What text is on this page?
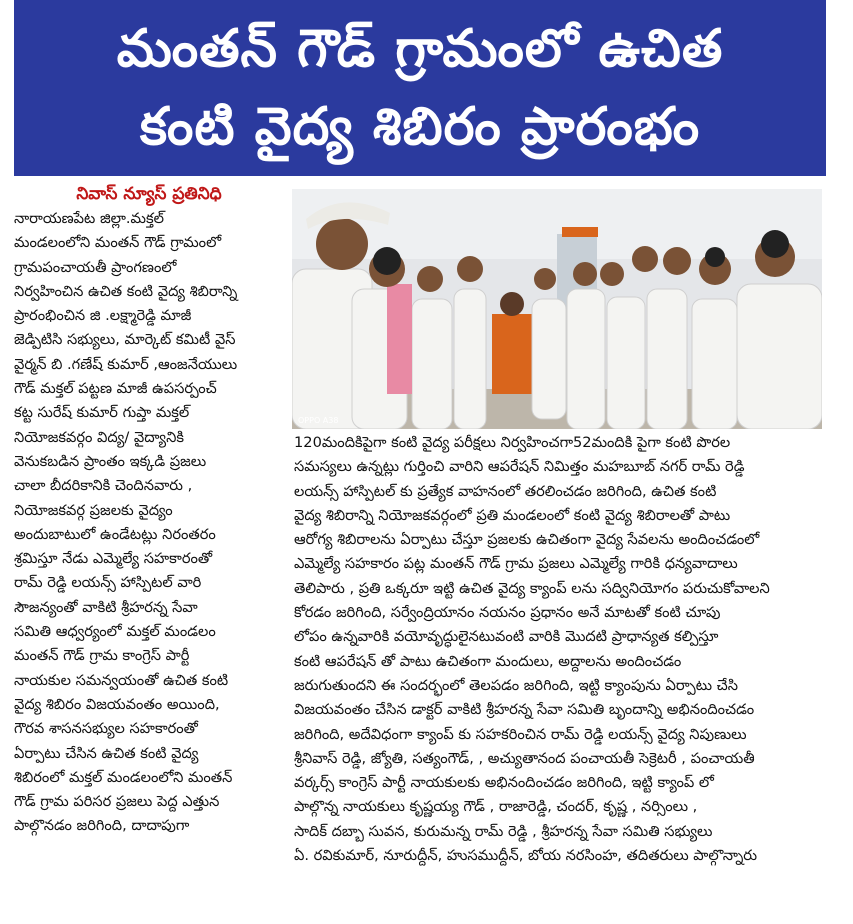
మంతన్ గౌడ్ గ్రామంలో ఉచిత
కంటి వైద్య శిబిరం ప్రారంభం
నివాస్ న్యూస్ ప్రతినిధి
నారాయణపేట జిల్లా.మక్తల్
మండలంలోని మంతన్ గౌడ్ గ్రామంలో
గ్రామపంచాయతీ ప్రాంగణంలో
నిర్వహించిన ఉచిత కంటి వైద్య శిబిరాన్ని
ప్రారంభించిన జి .లక్ష్మారెడ్డి మాజీ
జెడ్పిటిసి సభ్యులు, మార్కెట్ కమిటీ వైస్
వైర్మన్ బి .గణేష్ కుమార్ ,ఆంజనేయులు
గౌడ్ మక్తల్ పట్టణ మాజీ ఉపసర్పంచ్
కట్ట సురేష్ కుమార్ గుప్తా మక్తల్
నియోజకవర్గం విద్య/ వైద్యానికి
వెనుకబడిన ప్రాంతం ఇక్కడి ప్రజలు
చాలా బీదరికానికి చెందినవారు ,
నియోజకవర్గ ప్రజలకు వైద్యం
అందుబాటులో ఉండేటట్లు నిరంతరం
శ్రమిస్తూ నేడు ఎమ్మెల్యే సహకారంతో
రామ్ రెడ్డి లయన్స్ హాస్పిటల్ వారి
సౌజన్యంతో వాకిటి శ్రీహరన్న సేవా
సమితి ఆధ్వర్యంలో మక్తల్ మండలం
మంతన్ గౌడ్ గ్రామ కాంగ్రెస్ పార్టీ
నాయకుల సమన్వయంతో ఉచిత కంటి
వైద్య శిబిరం విజయవంతం అయింది,
గౌరవ శాసనసభ్యుల సహకారంతో
ఏర్పాటు చేసిన ఉచిత కంటి వైద్య
శిబిరంలో మక్తల్ మండలంలోని మంతన్
గౌడ్ గ్రామ పరిసర ప్రజలు పెద్ద ఎత్తున
పాల్గొనడం జరిగింది, దాదాపుగా
OPPO A38
120మందికిపైగా కంటి వైద్య పరీక్షలు నిర్వహించగా52మందికి పైగా కంటి పొరల
సమస్యలు ఉన్నట్లు గుర్తించి వారిని ఆపరేషన్ నిమిత్తం మహబూబ్ నగర్ రామ్ రెడ్డి
లయన్స్ హాస్పిటల్ కు ప్రత్యేక వాహనంలో తరలించడం జరిగింది, ఉచిత కంటి
వైద్య శిబిరాన్ని నియోజకవర్గంలో ప్రతి మండలంలో కంటి వైద్య శిబిరాలతో పాటు
ఆరోగ్య శిబిరాలను ఏర్పాటు చేస్తూ ప్రజలకు ఉచితంగా వైద్య సేవలను అందించడంలో
ఎమ్మెల్యే సహకారం పట్ల మంతన్ గౌడ్ గ్రామ ప్రజలు ఎమ్మెల్యే గారికి ధన్యవాదాలు
తెలిపారు , ప్రతి ఒక్కరూ ఇట్టి ఉచిత వైద్య క్యాంప్ లను సద్వినియోగం పరుచుకోవాలని
కోరడం జరిగింది, సర్వేంద్రియానం నయనం ప్రధానం అనే మాటతో కంటి చూపు
లోపం ఉన్నవారికి వయోవృద్ధులైనటువంటి వారికి మొదటి ప్రాధాన్యత కల్పిస్తూ
కంటి ఆపరేషన్ తో పాటు ఉచితంగా మందులు, అద్దాలను అందించడం
జరుగుతుందని ఈ సందర్భంలో తెలపడం జరిగింది, ఇట్టి క్యాంపును ఏర్పాటు చేసి
విజయవంతం చేసిన డాక్టర్ వాకిటి శ్రీహరన్న సేవా సమితి బృందాన్ని అభినందించడం
జరిగింది, అదేవిధంగా క్యాంప్ కు సహకరించిన రామ్ రెడ్డి లయన్స్ వైద్య నిపుణులు
శ్రీనివాస్ రెడ్డి, జ్యోతి, సత్యంగౌడ్, , అచ్యుతానంద పంచాయతీ సెక్రెటరీ , పంచాయతీ
వర్కర్స్ కాంగ్రెస్ పార్టీ నాయకులకు అభినందించడం జరిగింది, ఇట్టి క్యాంప్ లో
పాల్గొన్న నాయకులు కృష్ణయ్య గౌడ్ , రాజారెడ్డి, చందర్, కృష్ణ , నర్సింలు ,
సాదిక్ దబ్బా సువన, కురుమన్న రామ్ రెడ్డి , శ్రీహరన్న సేవా సమితి సభ్యులు
ఏ. రవికుమార్, నూరుద్దీన్, హుసముద్దీన్, బోయ నరసింహ, తదితరులు పాల్గొన్నారు
